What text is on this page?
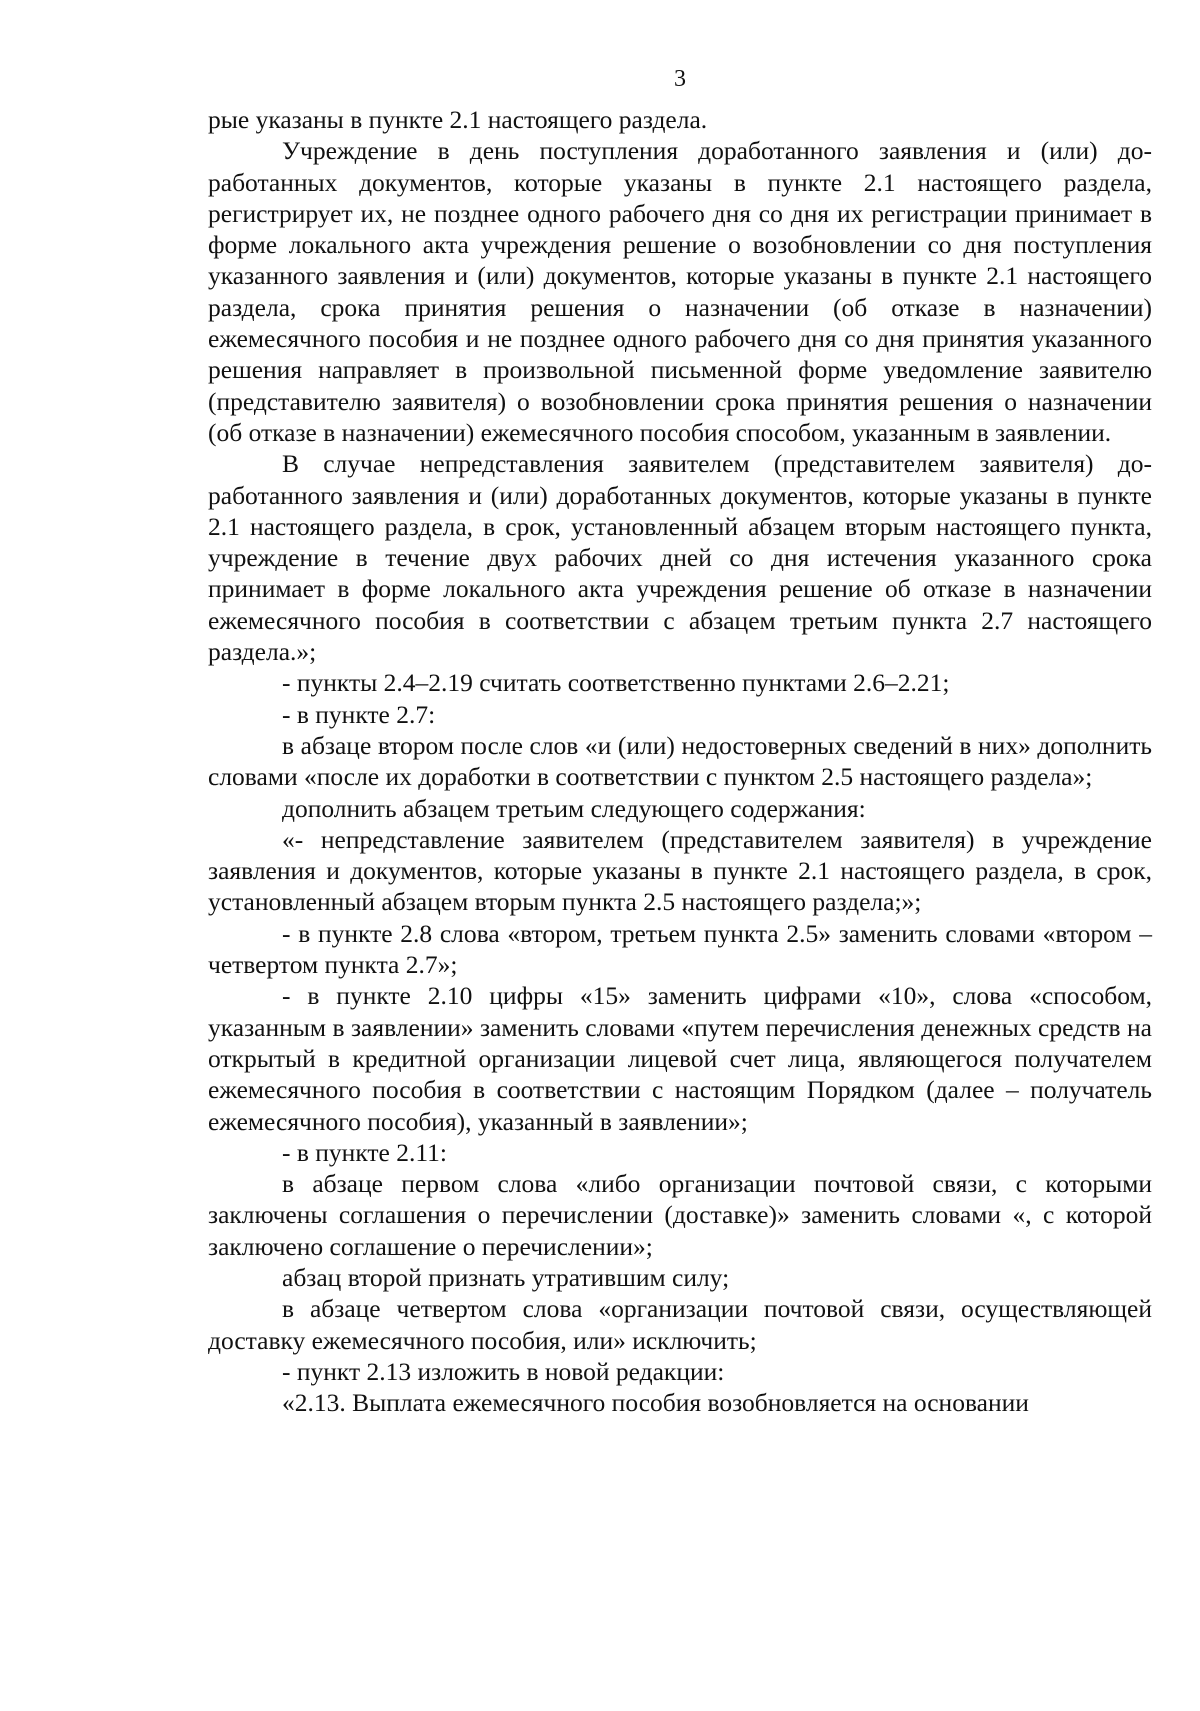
3

рые указаны в пункте 2.1 настоящего раздела.

Учреждение в день поступления доработанного заявления и (или) доработанных документов, которые указаны в пункте 2.1 настоящего раздела, регистрирует их, не позднее одного рабочего дня со дня их регистрации принимает в форме локального акта учреждения решение о возобновлении со дня поступления указанного заявления и (или) документов, которые указаны в пункте 2.1 настоящего раздела, срока принятия решения о назначении (об отказе в назначении) ежемесячного пособия и не позднее одного рабочего дня со дня принятия указанного решения направляет в произвольной письменной форме уведомление заявителю (представителю заявителя) о возобновлении срока принятия решения о назначении (об отказе в назначении) ежемесячного пособия способом, указанным в заявлении.

В случае непредставления заявителем (представителем заявителя) доработанного заявления и (или) доработанных документов, которые указаны в пункте 2.1 настоящего раздела, в срок, установленный абзацем вторым настоящего пункта, учреждение в течение двух рабочих дней со дня истечения указанного срока принимает в форме локального акта учреждения решение об отказе в назначении ежемесячного пособия в соответствии с абзацем третьим пункта 2.7 настоящего раздела.»;

- пункты 2.4–2.19 считать соответственно пунктами 2.6–2.21;

- в пункте 2.7:

в абзаце втором после слов «и (или) недостоверных сведений в них» дополнить словами «после их доработки в соответствии с пунктом 2.5 настоящего раздела»;

дополнить абзацем третьим следующего содержания:

«- непредставление заявителем (представителем заявителя) в учреждение заявления и документов, которые указаны в пункте 2.1 настоящего раздела, в срок, установленный абзацем вторым пункта 2.5 настоящего раздела;»;

- в пункте 2.8 слова «втором, третьем пункта 2.5» заменить словами «втором – четвертом пункта 2.7»;

- в пункте 2.10 цифры «15» заменить цифрами «10», слова «способом, указанным в заявлении» заменить словами «путем перечисления денежных средств на открытый в кредитной организации лицевой счет лица, являющегося получателем ежемесячного пособия в соответствии с настоящим Порядком (далее – получатель ежемесячного пособия), указанный в заявлении»;

- в пункте 2.11:

в абзаце первом слова «либо организации почтовой связи, с которыми заключены соглашения о перечислении (доставке)» заменить словами «, с которой заключено соглашение о перечислении»;

абзац второй признать утратившим силу;

в абзаце четвертом слова «организации почтовой связи, осуществляющей доставку ежемесячного пособия, или» исключить;

- пункт 2.13 изложить в новой редакции:

«2.13. Выплата ежемесячного пособия возобновляется на основании
